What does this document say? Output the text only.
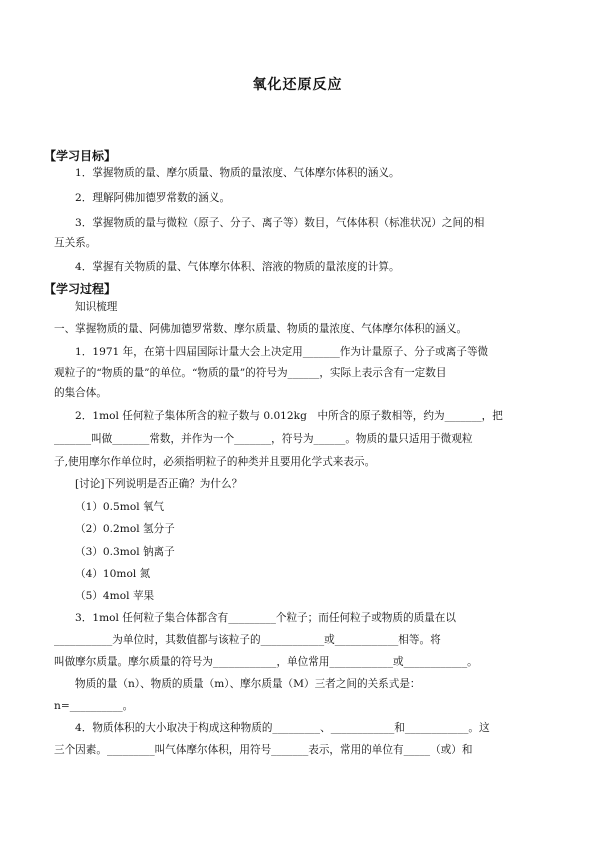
氧化还原反应
【学习目标】
1．掌握物质的量、摩尔质量、物质的量浓度、气体摩尔体积的涵义。
2．理解阿佛加德罗常数的涵义。
3．掌握物质的量与微粒（原子、分子、离子等）数目，气体体积（标准状况）之间的相
互关系。
4．掌握有关物质的量、气体摩尔体积、溶液的物质的量浓度的计算。
【学习过程】
知识梳理
一、掌握物质的量、阿佛加德罗常数、摩尔质量、物质的量浓度、气体摩尔体积的涵义。
1．1971 年，在第十四届国际计量大会上决定用_______作为计量原子、分子或离子等微
观粒子的“物质的量”的单位。“物质的量”的符号为______，实际上表示含有一定数目
的集合体。
2．1mol 任何粒子集体所含的粒子数与 0.012kg　中所含的原子数相等，约为_______，把
_______叫做_______常数，并作为一个_______，符号为______。物质的量只适用于微观粒
子,使用摩尔作单位时，必须指明粒子的种类并且要用化学式来表示。
[讨论]下列说明是否正确？为什么？
（1）0.5mol 氧气
（2）0.2mol 氢分子
（3）0.3mol 钠离子
（4）10mol 氮
（5）4mol 苹果
3．1mol 任何粒子集合体都含有_________个粒子；而任何粒子或物质的质量在以
___________为单位时，其数值都与该粒子的____________或____________相等。将
叫做摩尔质量。摩尔质量的符号为____________，单位常用____________或____________。
物质的量（n）、物质的质量（m）、摩尔质量（M）三者之间的关系式是：
n=__________。
4．物质体积的大小取决于构成这种物质的_________、____________和____________。这
三个因素。_________叫气体摩尔体积，用符号_______表示，常用的单位有_____（或）和
